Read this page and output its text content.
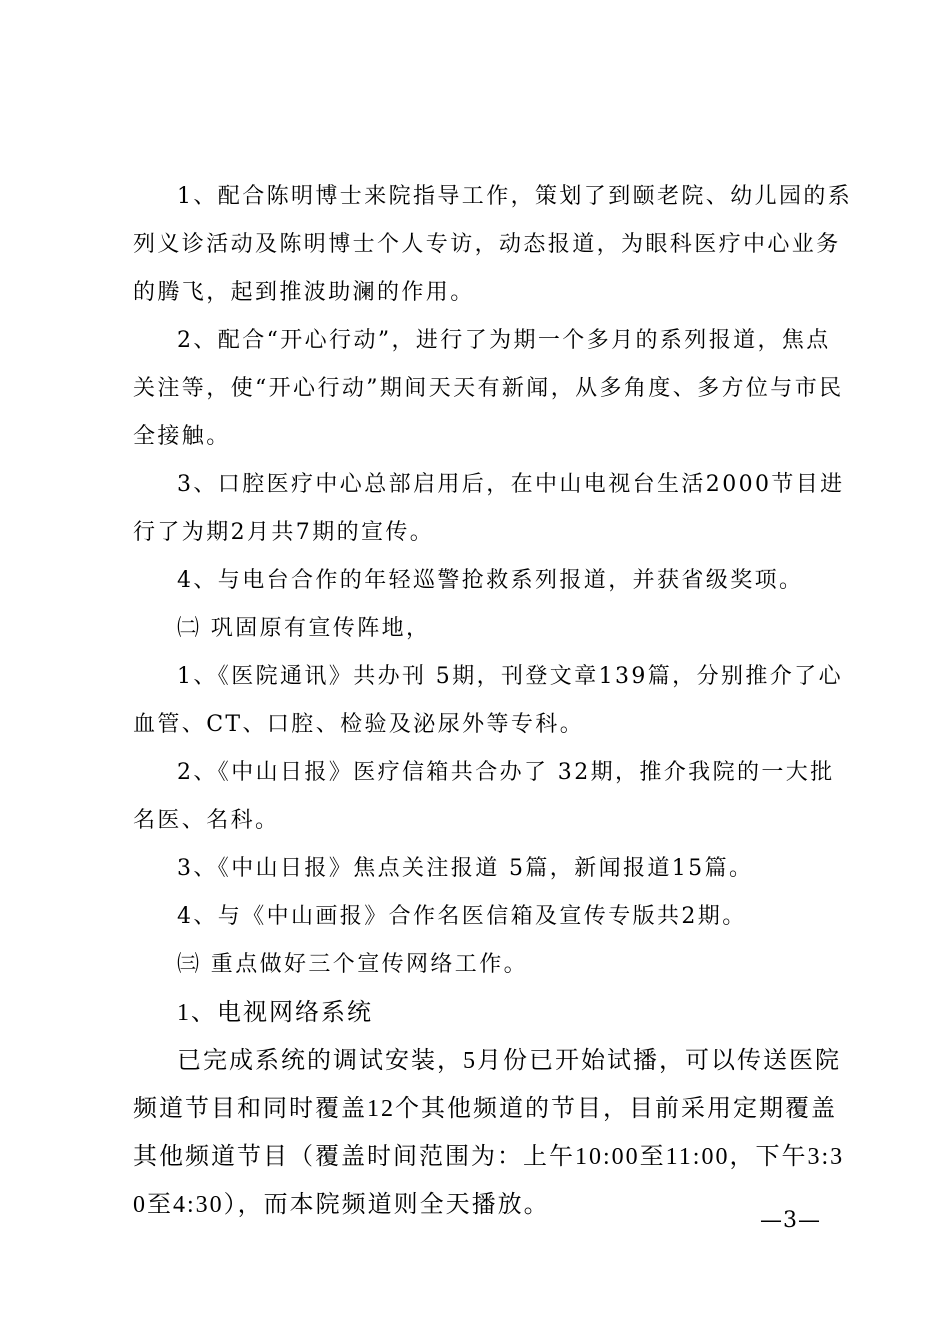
1、配合陈明博士来院指导工作，策划了到颐老院、幼儿园的系列义诊活动及陈明博士个人专访，动态报道，为眼科医疗中心业务的腾飞，起到推波助澜的作用。

2、配合“开心行动”，进行了为期一个多月的系列报道，焦点关注等，使“开心行动”期间天天有新闻，从多角度、多方位与市民全接触。

3、口腔医疗中心总部启用后，在中山电视台生活2000节目进行了为期2月共7期的宣传。

4、与电台合作的年轻巡警抢救系列报道，并获省级奖项。

㈡ 巩固原有宣传阵地，

1、《医院通讯》共办刊 5期，刊登文章139篇，分别推介了心血管、CT、口腔、检验及泌尿外等专科。

2、《中山日报》医疗信箱共合办了 32期，推介我院的一大批名医、名科。

3、《中山日报》焦点关注报道 5篇，新闻报道15篇。

4、与《中山画报》合作名医信箱及宣传专版共2期。

㈢ 重点做好三个宣传网络工作。

1、电视网络系统

已完成系统的调试安装，5月份已开始试播，可以传送医院频道节目和同时覆盖12个其他频道的节目，目前采用定期覆盖其他频道节目（覆盖时间范围为：上午10:00至11:00，下午3:30至4:30），而本院频道则全天播放。

—3—
